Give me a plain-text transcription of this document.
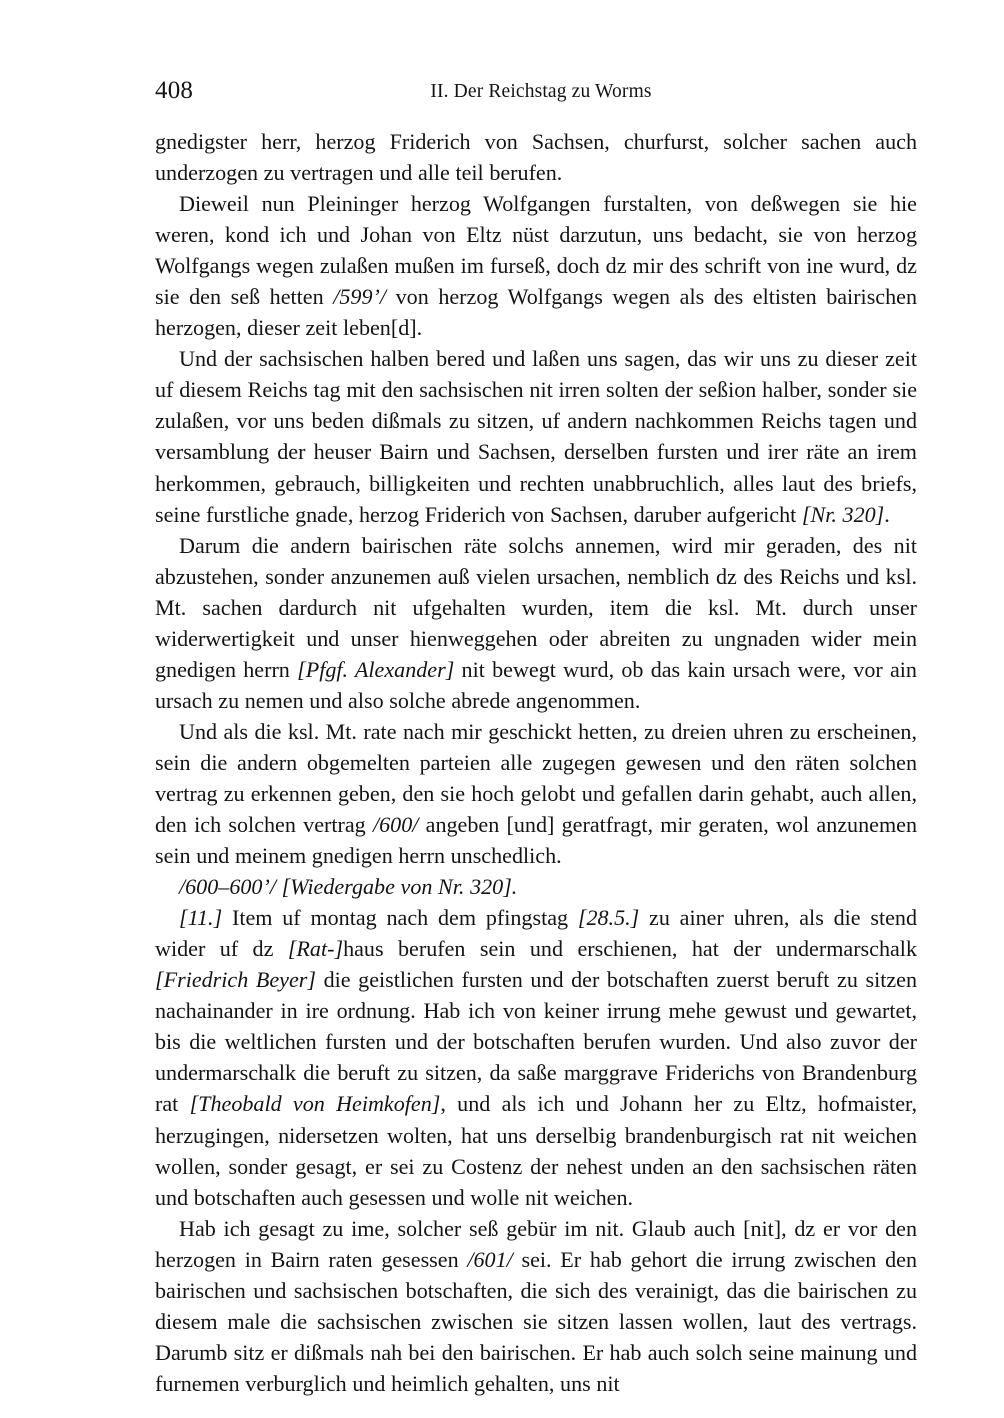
408	II. Der Reichstag zu Worms

gnedigster herr, herzog Friderich von Sachsen, churfurst, solcher sachen auch underzogen zu vertragen und alle teil berufen.

Dieweil nun Pleininger herzog Wolfgangen furstalten, von deßwegen sie hie weren, kond ich und Johan von Eltz nüst darzutun, uns bedacht, sie von herzog Wolfgangs wegen zulaßen mußen im furseß, doch dz mir des schrift von ine wurd, dz sie den seß hetten /599’/ von herzog Wolfgangs wegen als des eltisten bairischen herzogen, dieser zeit leben[d].

Und der sachsischen halben bered und laßen uns sagen, das wir uns zu dieser zeit uf diesem Reichs tag mit den sachsischen nit irren solten der seßion halber, sonder sie zulaßen, vor uns beden dißmals zu sitzen, uf andern nachkommen Reichs tagen und versamblung der heuser Bairn und Sachsen, derselben fursten und irer räte an irem herkommen, gebrauch, billigkeiten und rechten unabbruchlich, alles laut des briefs, seine furstliche gnade, herzog Friderich von Sachsen, daruber aufgericht [Nr. 320].

Darum die andern bairischen räte solchs annemen, wird mir geraden, des nit abzustehen, sonder anzunemen auß vielen ursachen, nemblich dz des Reichs und ksl. Mt. sachen dardurch nit ufgehalten wurden, item die ksl. Mt. durch unser widerwertigkeit und unser hienweggehen oder abreiten zu ungnaden wider mein gnedigen herrn [Pfgf. Alexander] nit bewegt wurd, ob das kain ursach were, vor ain ursach zu nemen und also solche abrede angenommen.

Und als die ksl. Mt. rate nach mir geschickt hetten, zu dreien uhren zu erscheinen, sein die andern obgemelten parteien alle zugegen gewesen und den räten solchen vertrag zu erkennen geben, den sie hoch gelobt und gefallen darin gehabt, auch allen, den ich solchen vertrag /600/ angeben [und] geratfragt, mir geraten, wol anzunemen sein und meinem gnedigen herrn unschedlich.

/600–600’/ [Wiedergabe von Nr. 320].

[11.] Item uf montag nach dem pfingstag [28.5.] zu ainer uhren, als die stend wider uf dz [Rat-]haus berufen sein und erschienen, hat der undermarschalk [Friedrich Beyer] die geistlichen fursten und der botschaften zuerst beruft zu sitzen nachainander in ire ordnung. Hab ich von keiner irrung mehe gewust und gewartet, bis die weltlichen fursten und der botschaften berufen wurden. Und also zuvor der undermarschalk die beruft zu sitzen, da saße marggrave Friderichs von Brandenburg rat [Theobald von Heimkofen], und als ich und Johann her zu Eltz, hofmaister, herzugingen, nidersetzen wolten, hat uns derselbig brandenburgisch rat nit weichen wollen, sonder gesagt, er sei zu Costenz der nehest unden an den sachsischen räten und botschaften auch gesessen und wolle nit weichen.

Hab ich gesagt zu ime, solcher seß gebür im nit. Glaub auch [nit], dz er vor den herzogen in Bairn raten gesessen /601/ sei. Er hab gehort die irrung zwischen den bairischen und sachsischen botschaften, die sich des verainigt, das die bairischen zu diesem male die sachsischen zwischen sie sitzen lassen wollen, laut des vertrags. Darumb sitz er dißmals nah bei den bairischen. Er hab auch solch seine mainung und furnemen verburglich und heimlich gehalten, uns nit
